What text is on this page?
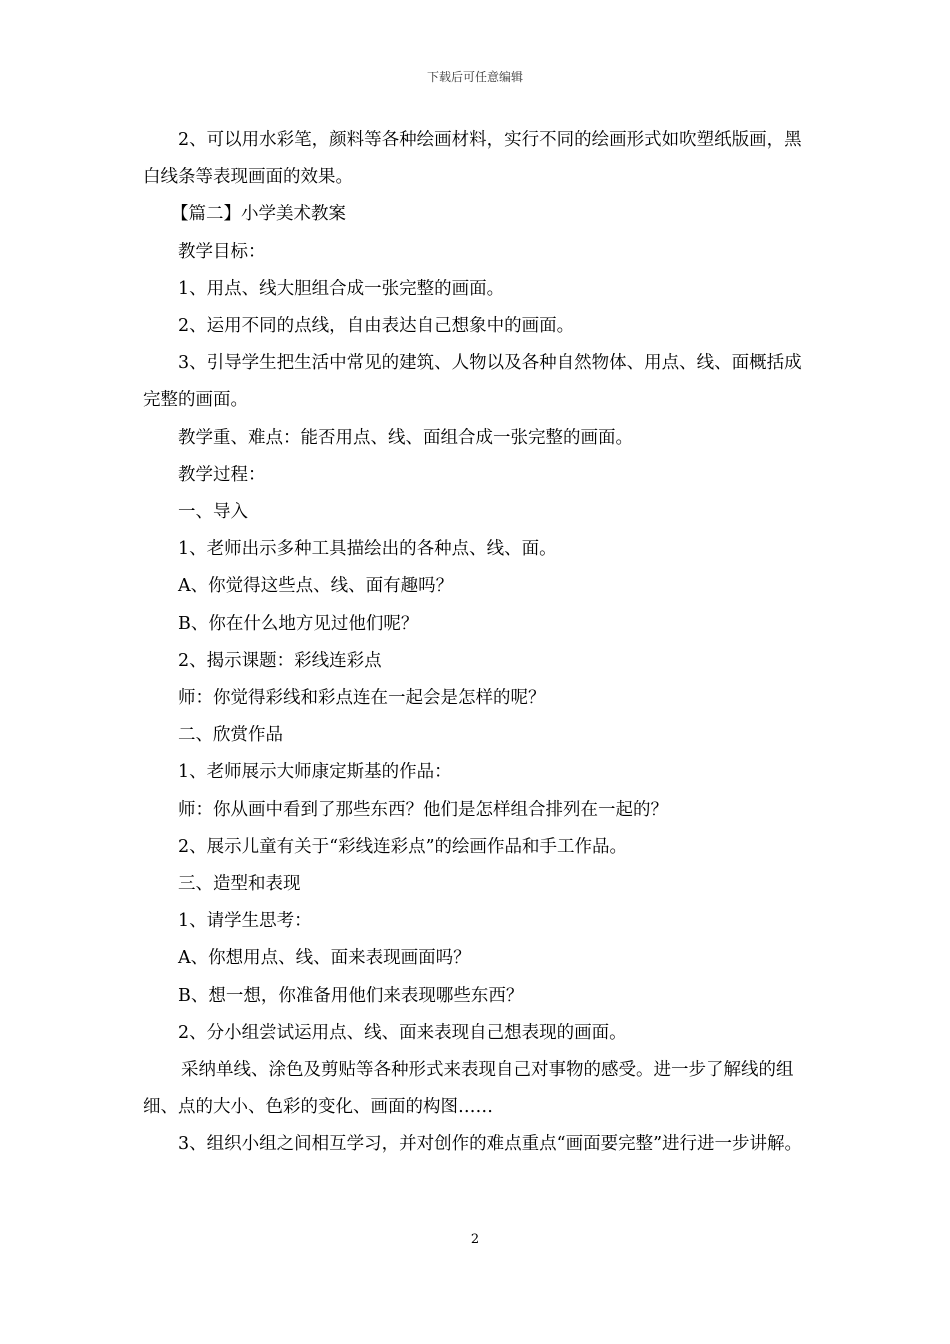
下载后可任意编辑

2、可以用水彩笔，颜料等各种绘画材料，实行不同的绘画形式如吹塑纸版画，黑白线条等表现画面的效果。

【篇二】小学美术教案

教学目标：

1、用点、线大胆组合成一张完整的画面。

2、运用不同的点线，自由表达自己想象中的画面。

3、引导学生把生活中常见的建筑、人物以及各种自然物体、用点、线、面概括成完整的画面。

教学重、难点：能否用点、线、面组合成一张完整的画面。

教学过程：

一、导入

1、老师出示多种工具描绘出的各种点、线、面。

A、你觉得这些点、线、面有趣吗？

B、你在什么地方见过他们呢？

2、揭示课题：彩线连彩点

师：你觉得彩线和彩点连在一起会是怎样的呢？

二、欣赏作品

1、老师展示大师康定斯基的作品：

师：你从画中看到了那些东西？他们是怎样组合排列在一起的？

2、展示儿童有关于“彩线连彩点”的绘画作品和手工作品。

三、造型和表现

1、请学生思考：

A、你想用点、线、面来表现画面吗？

B、想一想，你准备用他们来表现哪些东西？

2、分小组尝试运用点、线、面来表现自己想表现的画面。

采纳单线、涂色及剪贴等各种形式来表现自己对事物的感受。进一步了解线的组细、点的大小、色彩的变化、画面的构图……

3、组织小组之间相互学习，并对创作的难点重点“画面要完整”进行进一步讲解。

2
